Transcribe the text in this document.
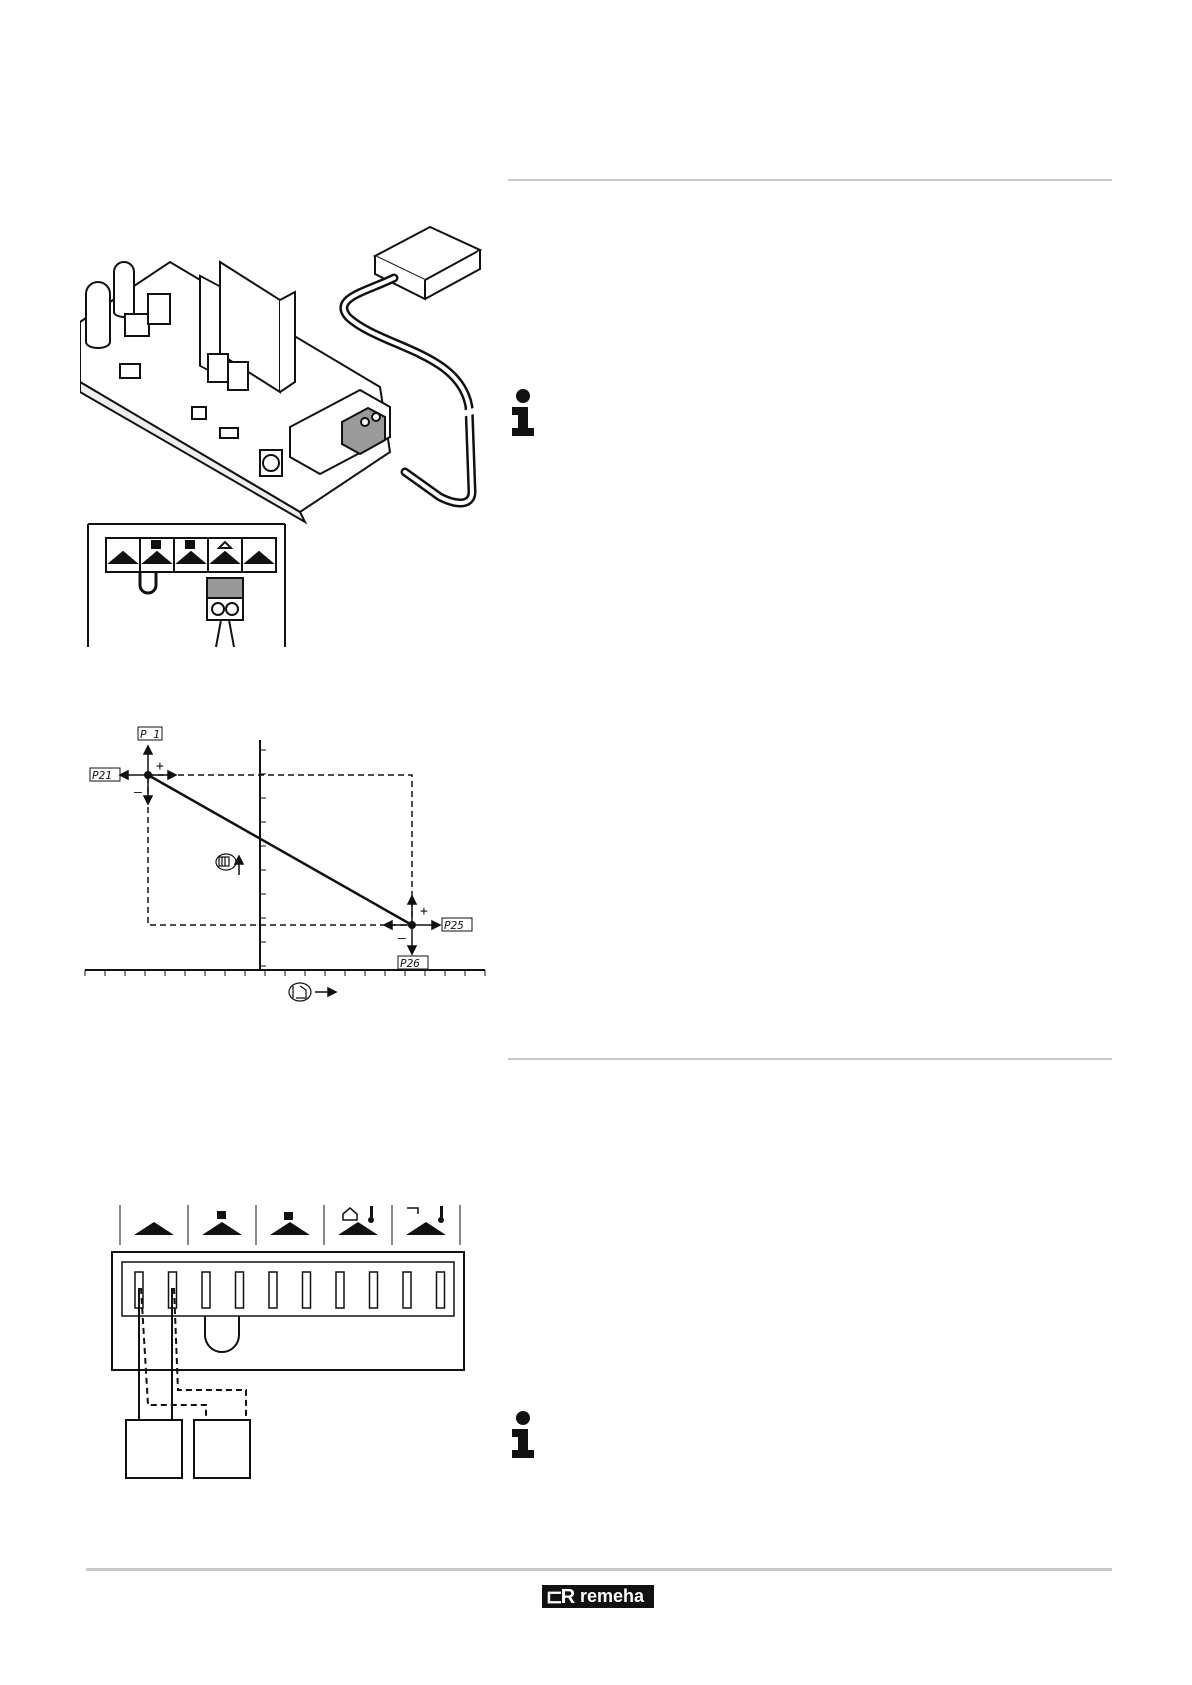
+
–
+
–
P 1
P21
P25
P26
⊏R remeha
